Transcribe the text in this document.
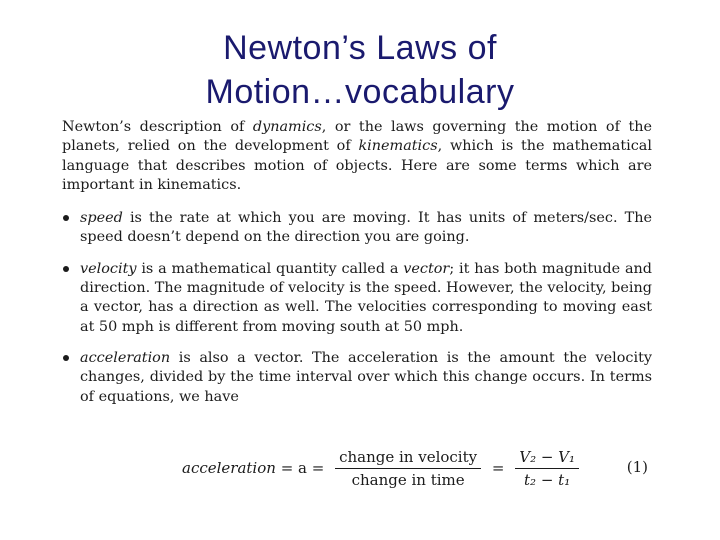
Newton’s Laws of
Motion…vocabulary

Newton’s description of dynamics, or the laws governing the motion of the planets, relied on the development of kinematics, which is the mathematical language that describes motion of objects. Here are some terms which are important in kinematics.

speed is the rate at which you are moving. It has units of meters/sec. The speed doesn’t depend on the direction you are going.
velocity is a mathematical quantity called a vector; it has both magnitude and direction. The magnitude of velocity is the speed. However, the velocity, being a vector, has a direction as well. The velocities corresponding to moving east at 50 mph is different from moving south at 50 mph.
acceleration is also a vector. The acceleration is the amount the velocity changes, divided by the time interval over which this change occurs. In terms of equations, we have
acceleration = $a = \frac{\text{change in velocity}}{\text{change in time}} = \frac{\text{V₂ − V₁}}{\text{t₂ − t₁}}$	(1)
